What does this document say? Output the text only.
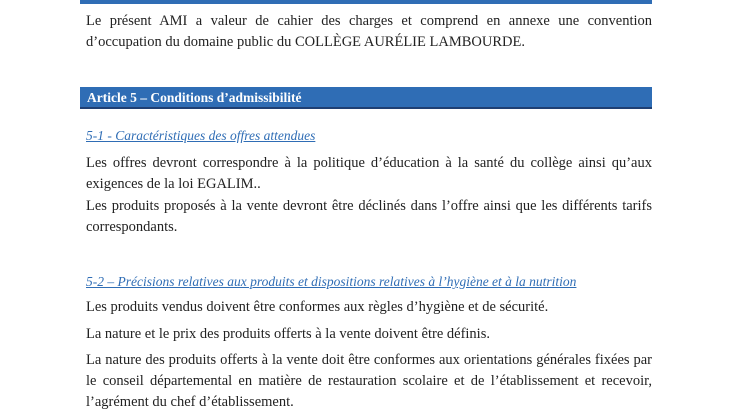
Le présent AMI a valeur de cahier des charges et comprend en annexe une convention d’occupation du domaine public du COLLÈGE AURÉLIE LAMBOURDE.

Article 5 – Conditions d’admissibilité
5-1 - Caractéristiques des offres attendues

Les offres devront correspondre à la politique d’éducation à la santé du collège ainsi qu’aux exigences de la loi EGALIM..

Les produits proposés à la vente devront être déclinés dans l’offre ainsi que les différents tarifs correspondants.

5-2 – Précisions relatives aux produits et dispositions relatives à l’hygiène et à la nutrition

Les produits vendus doivent être conformes aux règles d’hygiène et de sécurité.

La nature et le prix des produits offerts à la vente doivent être définis.

La nature des produits offerts à la vente doit être conformes aux orientations générales fixées par le conseil départemental en matière de restauration scolaire et de l’établissement et recevoir, l’agrément du chef d’établissement.
